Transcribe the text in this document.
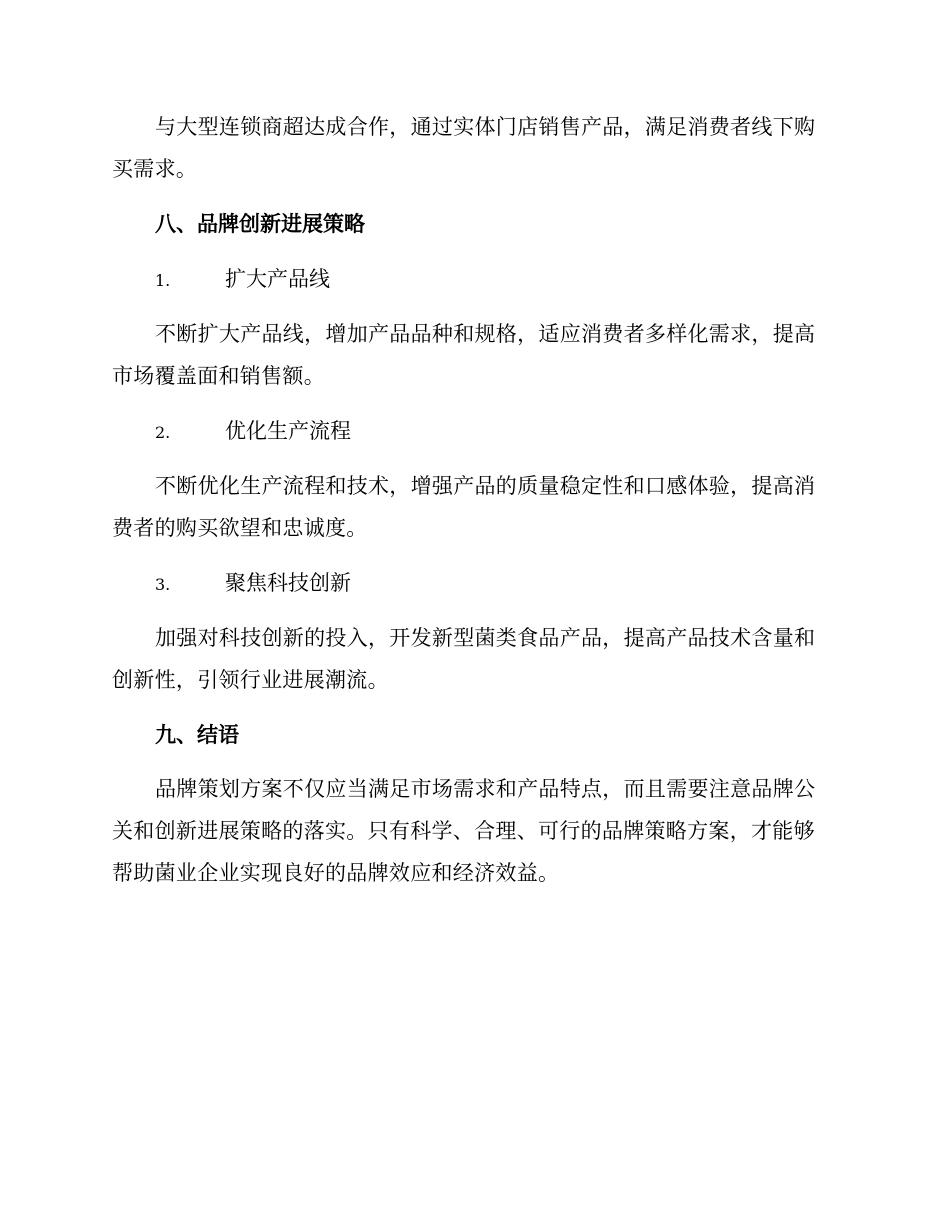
与大型连锁商超达成合作，通过实体门店销售产品，满足消费者线下购买需求。

八、品牌创新进展策略
1.	扩大产品线

不断扩大产品线，增加产品品种和规格，适应消费者多样化需求，提高市场覆盖面和销售额。

2.	优化生产流程

不断优化生产流程和技术，增强产品的质量稳定性和口感体验，提高消费者的购买欲望和忠诚度。

3.	聚焦科技创新

加强对科技创新的投入，开发新型菌类食品产品，提高产品技术含量和创新性，引领行业进展潮流。

九、结语

品牌策划方案不仅应当满足市场需求和产品特点，而且需要注意品牌公关和创新进展策略的落实。只有科学、合理、可行的品牌策略方案，才能够帮助菌业企业实现良好的品牌效应和经济效益。
